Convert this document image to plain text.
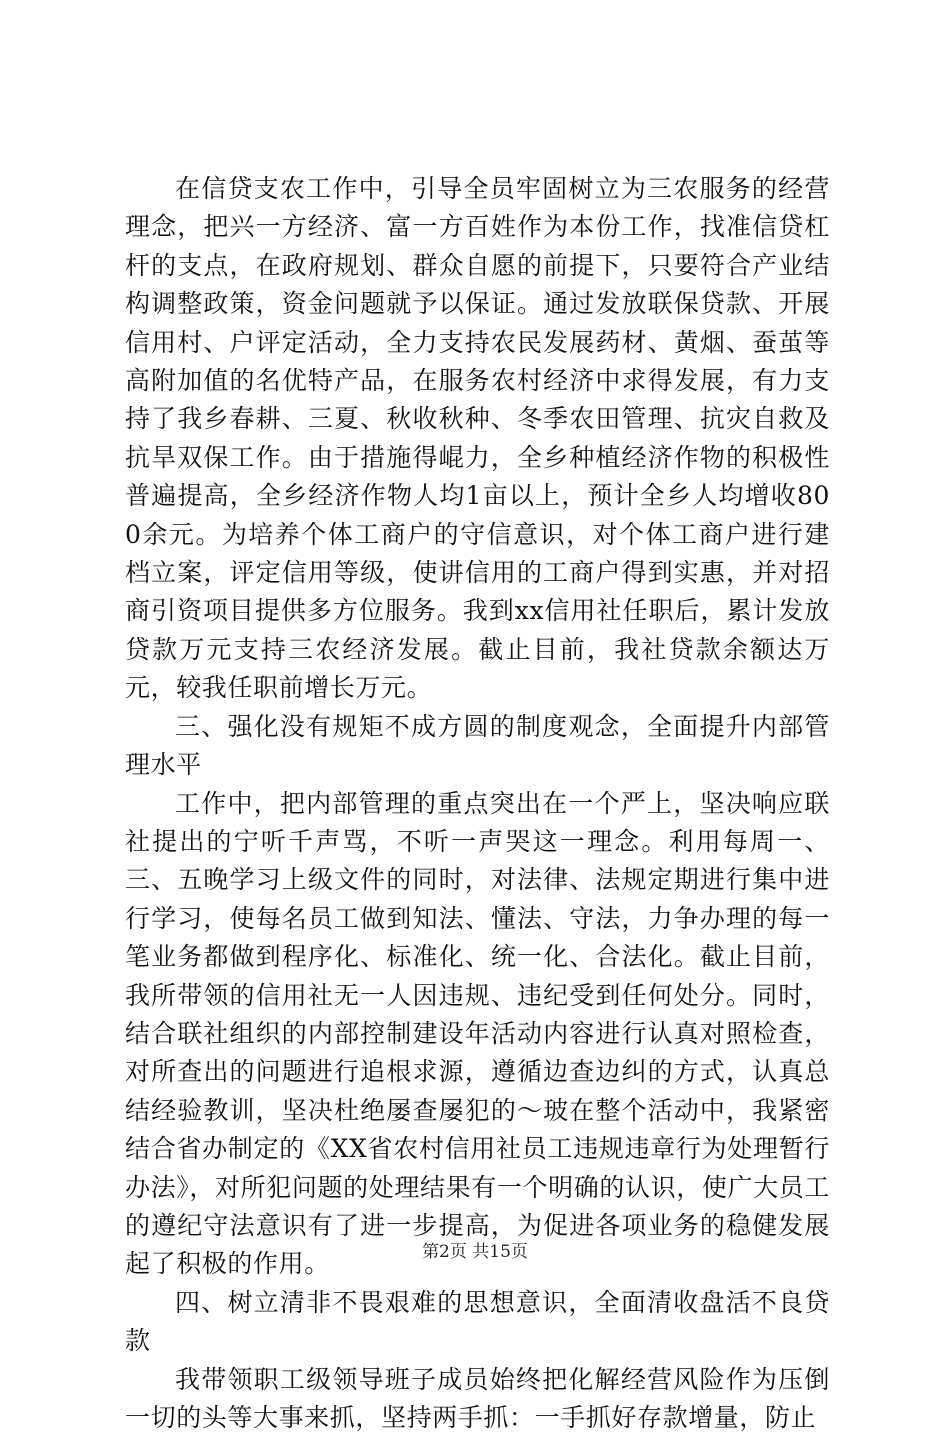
在信贷支农工作中，引导全员牢固树立为三农服务的经营理念，把兴一方经济、富一方百姓作为本份工作，找准信贷杠杆的支点，在政府规划、群众自愿的前提下，只要符合产业结构调整政策，资金问题就予以保证。通过发放联保贷款、开展信用村、户评定活动，全力支持农民发展药材、黄烟、蚕茧等高附加值的名优特产品，在服务农村经济中求得发展，有力支持了我乡春耕、三夏、秋收秋种、冬季农田管理、抗灾自救及抗旱双保工作。由于措施得崐力，全乡种植经济作物的积极性普遍提高，全乡经济作物人均1亩以上，预计全乡人均增收800余元。为培养个体工商户的守信意识，对个体工商户进行建档立案，评定信用等级，使讲信用的工商户得到实惠，并对招商引资项目提供多方位服务。我到xx信用社任职后，累计发放贷款万元支持三农经济发展。截止目前，我社贷款余额达万元，较我任职前增长万元。

三、强化没有规矩不成方圆的制度观念，全面提升内部管理水平

工作中，把内部管理的重点突出在一个严上，坚决响应联社提出的宁听千声骂，不听一声哭这一理念。利用每周一、三、五晚学习上级文件的同时，对法律、法规定期进行集中进行学习，使每名员工做到知法、懂法、守法，力争办理的每一笔业务都做到程序化、标准化、统一化、合法化。截止目前，我所带领的信用社无一人因违规、违纪受到任何处分。同时，结合联社组织的内部控制建设年活动内容进行认真对照检查，对所查出的问题进行追根求源，遵循边查边纠的方式，认真总结经验教训，坚决杜绝屡查屡犯的～玻在整个活动中，我紧密结合省办制定的《XX省农村信用社员工违规违章行为处理暂行办法》，对所犯问题的处理结果有一个明确的认识，使广大员工的遵纪守法意识有了进一步提高，为促进各项业务的稳健发展起了积极的作用。

四、树立清非不畏艰难的思想意识，全面清收盘活不良贷款

我带领职工级领导班子成员始终把化解经营风险作为压倒一切的头等大事来抓，坚持两手抓：一手抓好存款增量，防止

第2页 共15页
